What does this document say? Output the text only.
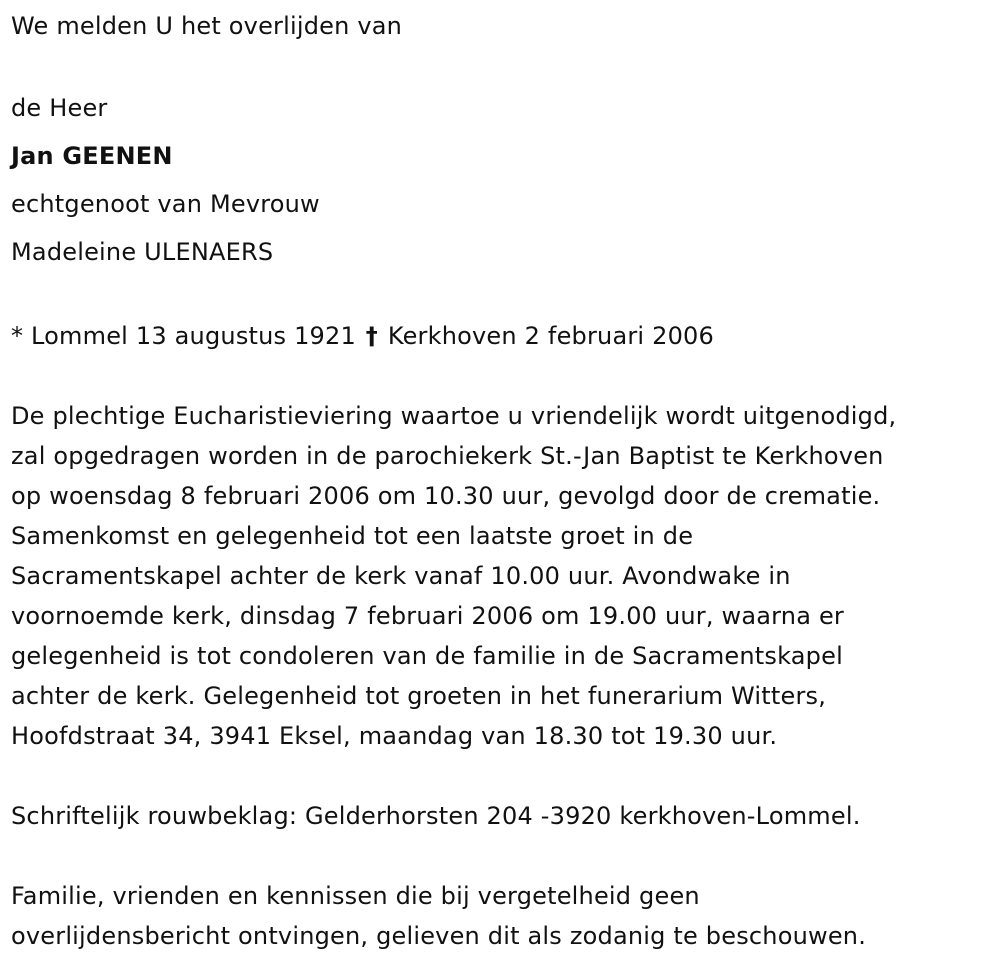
We melden U het overlijden van
de Heer
Jan GEENEN
echtgenoot van Mevrouw
Madeleine ULENAERS
* Lommel 13 augustus 1921 † Kerkhoven 2 februari 2006
De plechtige Eucharistieviering waartoe u vriendelijk wordt uitgenodigd,
zal opgedragen worden in de parochiekerk St.-Jan Baptist te Kerkhoven
op woensdag 8 februari 2006 om 10.30 uur, gevolgd door de crematie.
Samenkomst en gelegenheid tot een laatste groet in de
Sacramentskapel achter de kerk vanaf 10.00 uur. Avondwake in
voornoemde kerk, dinsdag 7 februari 2006 om 19.00 uur, waarna er
gelegenheid is tot condoleren van de familie in de Sacramentskapel
achter de kerk. Gelegenheid tot groeten in het funerarium Witters,
Hoofdstraat 34, 3941 Eksel, maandag van 18.30 tot 19.30 uur.
Schriftelijk rouwbeklag: Gelderhorsten 204 -3920 kerkhoven-Lommel.
Familie, vrienden en kennissen die bij vergetelheid geen
overlijdensbericht ontvingen, gelieven dit als zodanig te beschouwen.
